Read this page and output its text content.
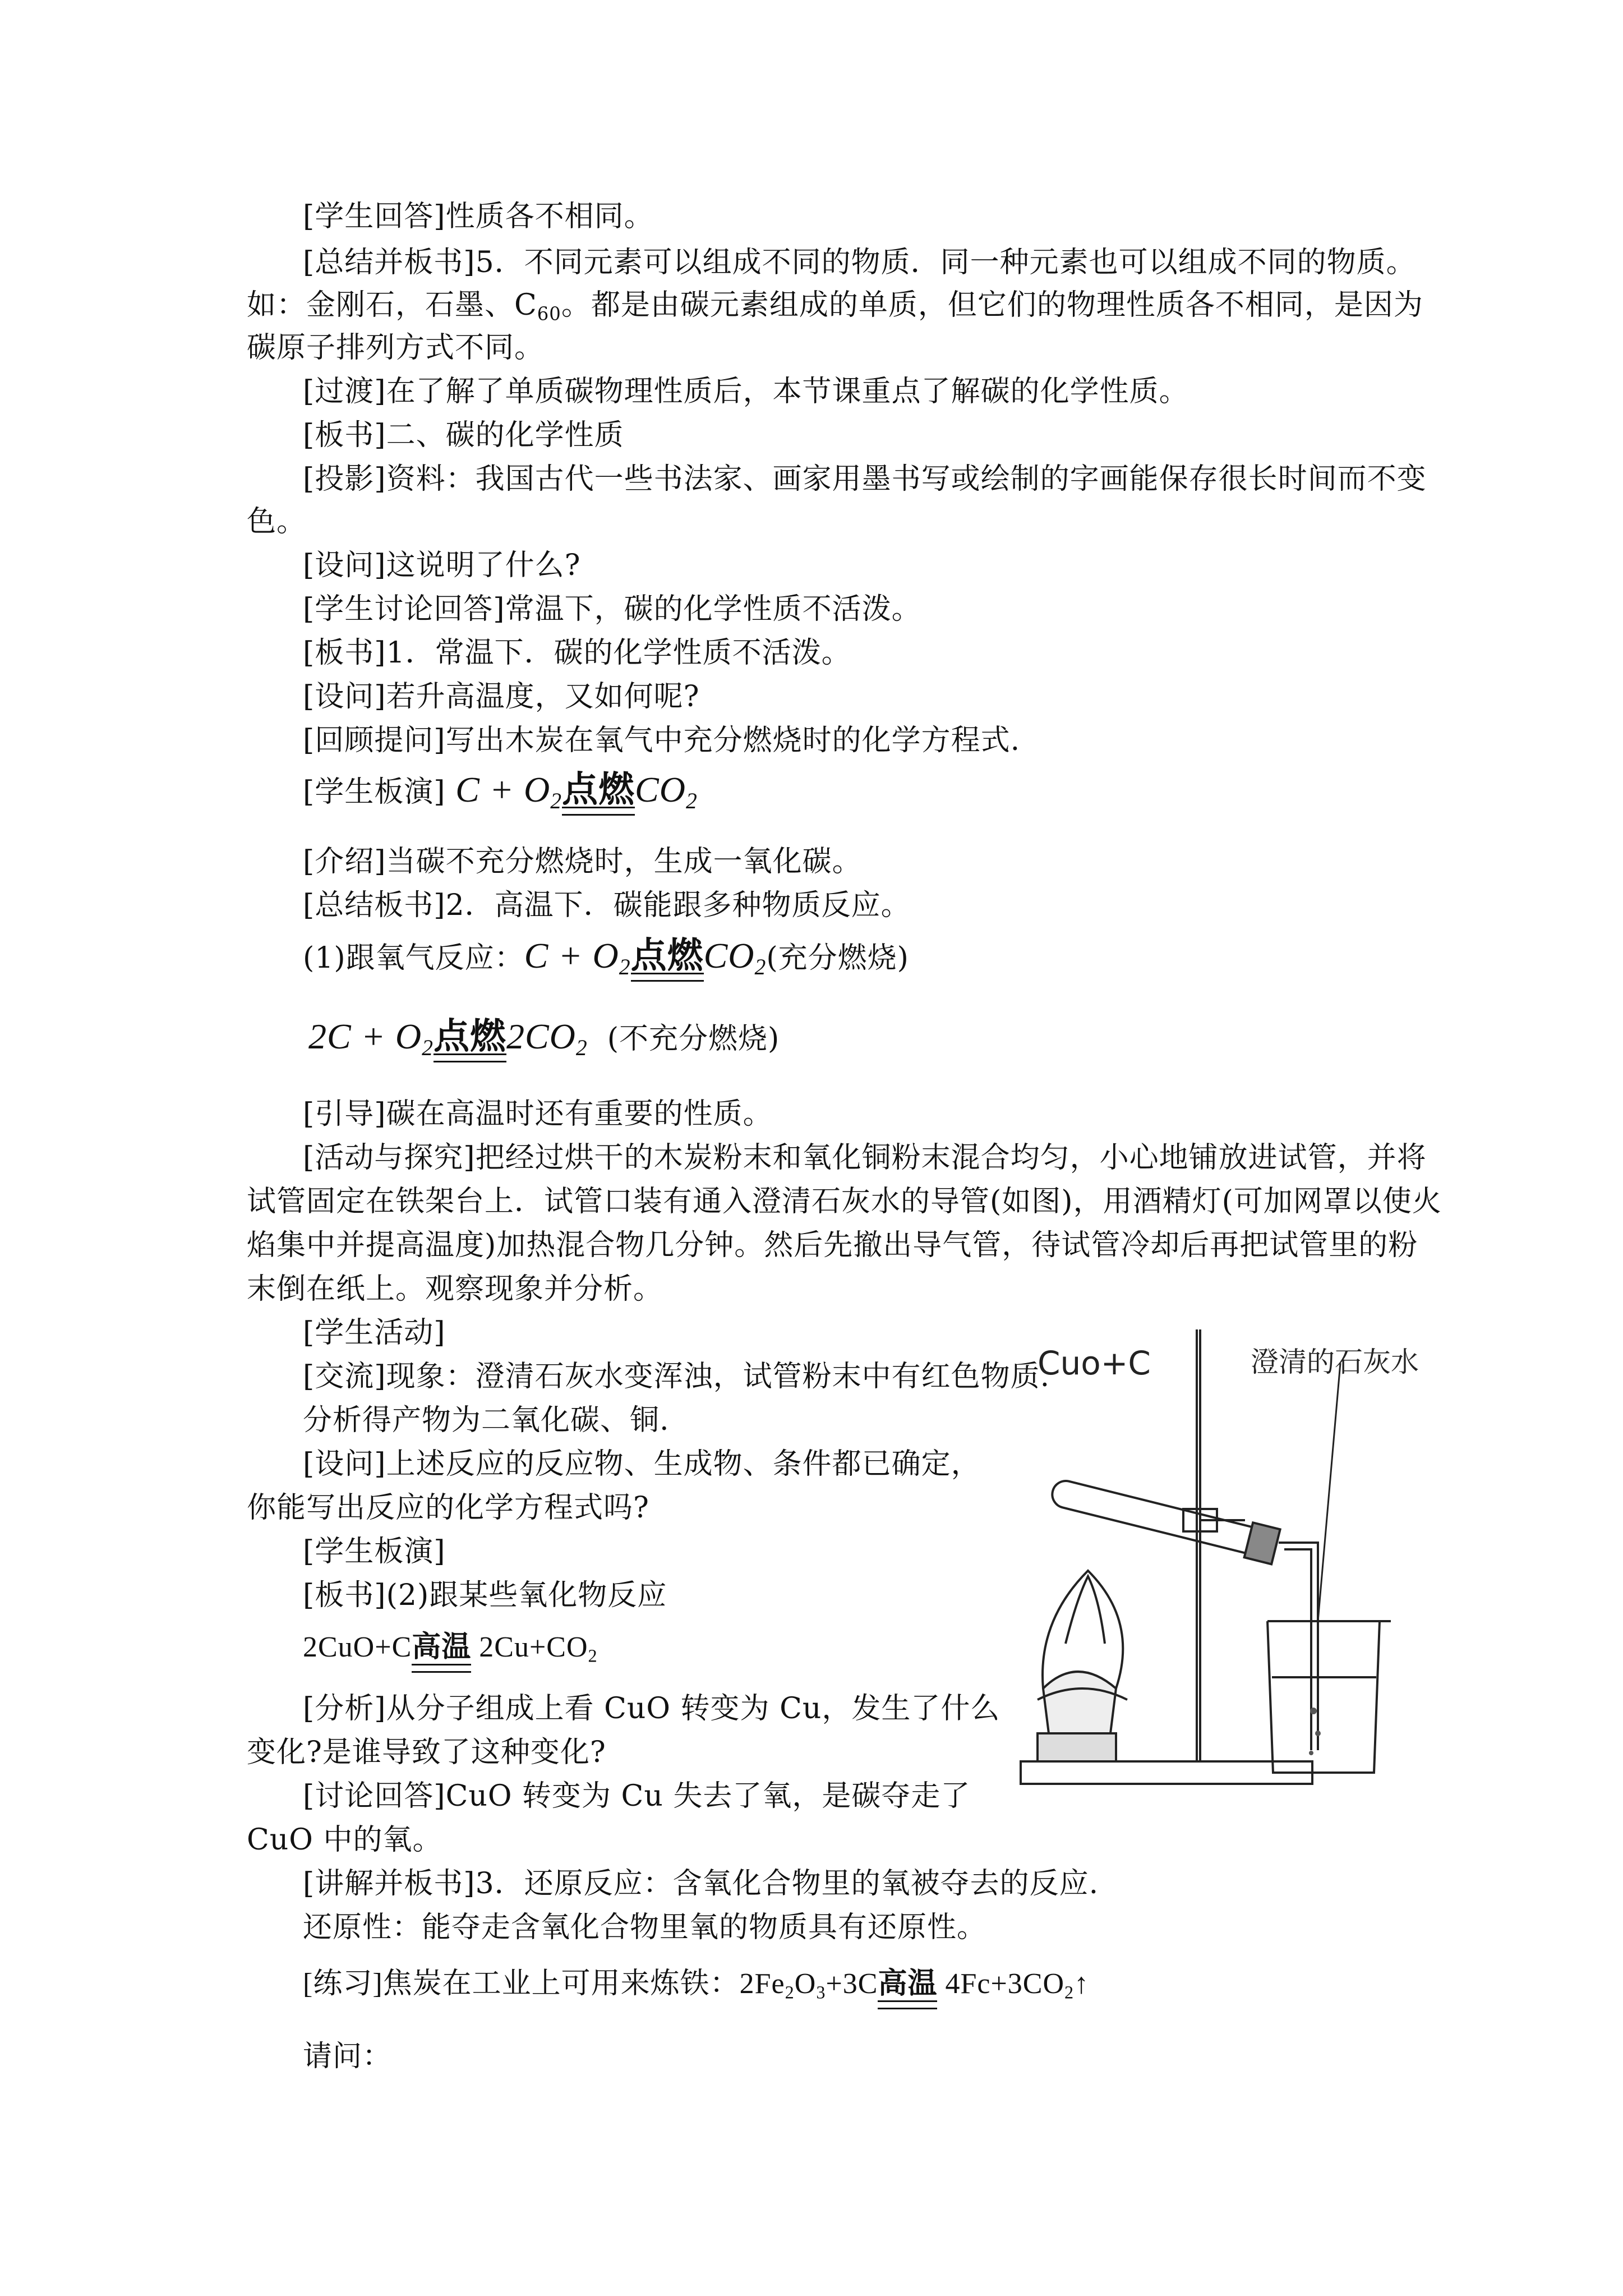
[学生回答]性质各不相同。
[总结并板书]5．不同元素可以组成不同的物质．同一种元素也可以组成不同的物质。
如：金刚石，石墨、$C_{60}$。都是由碳元素组成的单质，但它们的物理性质各不相同，是因为
碳原子排列方式不同。
[过渡]在了解了单质碳物理性质后，本节课重点了解碳的化学性质。
[板书]二、碳的化学性质
[投影]资料：我国古代一些书法家、画家用墨书写或绘制的字画能保存很长时间而不变
色。
[设问]这说明了什么?
[学生讨论回答]常温下，碳的化学性质不活泼。
[板书]1．常温下．碳的化学性质不活泼。
[设问]若升高温度，又如何呢?
[回顾提问]写出木炭在氧气中充分燃烧时的化学方程式.
[学生板演] $C + O_2$点燃$CO_2$
[介绍]当碳不充分燃烧时，生成一氧化碳。
[总结板书]2．高温下．碳能跟多种物质反应。
(1)跟氧气反应：$C + O_2$点燃$CO_2$(充分燃烧)
$2C + O_2$点燃$2CO_2$ (不充分燃烧)
[引导]碳在高温时还有重要的性质。
[活动与探究]把经过烘干的木炭粉末和氧化铜粉末混合均匀，小心地铺放进试管，并将
试管固定在铁架台上．试管口装有通入澄清石灰水的导管(如图)，用酒精灯(可加网罩以使火
焰集中并提高温度)加热混合物几分钟。然后先撤出导气管，待试管冷却后再把试管里的粉
末倒在纸上。观察现象并分析。
[学生活动]
[交流]现象：澄清石灰水变浑浊，试管粉末中有红色物质.
分析得产物为二氧化碳、铜.
[设问]上述反应的反应物、生成物、条件都已确定，
你能写出反应的化学方程式吗?
[学生板演]
[板书](2)跟某些氧化物反应
2CuO+C高温 $2Cu+CO_2$
[分析]从分子组成上看 CuO 转变为 Cu，发生了什么
变化?是谁导致了这种变化?
[讨论回答]CuO 转变为 Cu 失去了氧，是碳夺走了
CuO 中的氧。
[讲解并板书]3．还原反应：含氧化合物里的氧被夺去的反应.
还原性：能夺走含氧化合物里氧的物质具有还原性。
[练习]焦炭在工业上可用来炼铁：$2Fe_2O_3+3C$高温 $4Fc+3CO_2↑$
请问：
Cuo+C	澄清的石灰水
